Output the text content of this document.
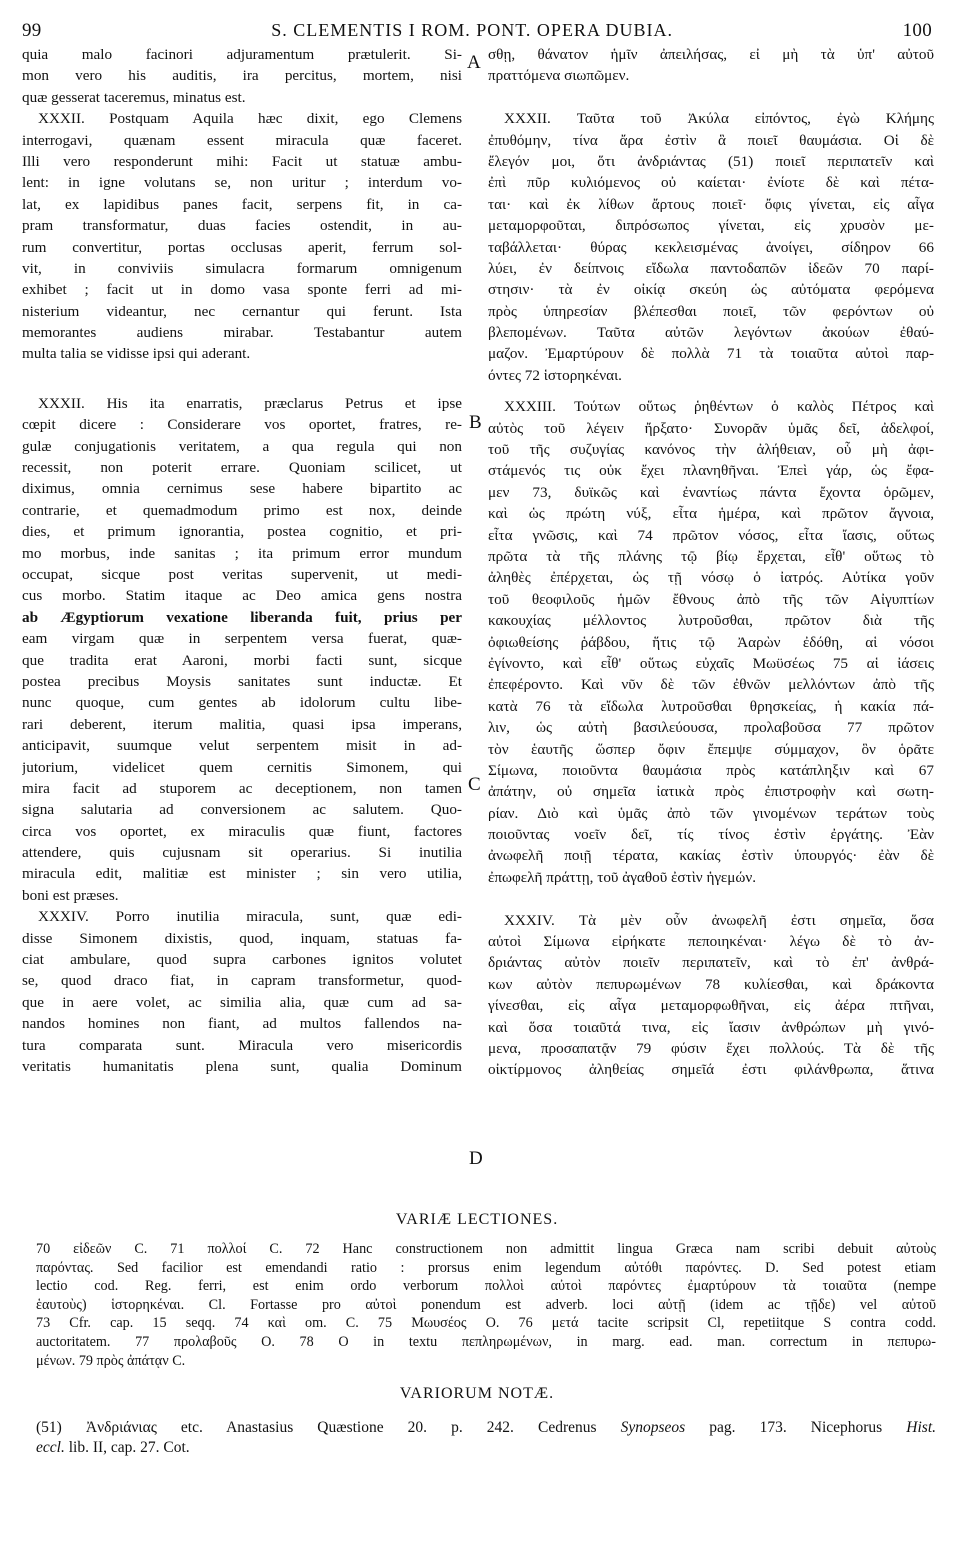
99	S. CLEMENTIS I ROM. PONT. OPERA DUBIA.	100
A
B
C
D
quia malo facinori adjuramentum prætulerit. Si-
mon vero his auditis, ira percitus, mortem, nisi
quæ gesserat taceremus, minatus est.
XXXII. Postquam Aquila hæc dixit, ego Clemens
interrogavi, quænam essent miracula quæ faceret.
Illi vero responderunt mihi: Facit ut statuæ ambu-
lent: in igne volutans se, non uritur ; interdum vo-
lat, ex lapidibus panes facit, serpens fit, in ca-
pram transformatur, duas facies ostendit, in au-
rum convertitur, portas occlusas aperit, ferrum sol-
vit, in conviviis simulacra formarum omnigenum
exhibet ; facit ut in domo vasa sponte ferri ad mi-
nisterium videantur, nec cernantur qui ferunt. Ista
memorantes audiens mirabar. Testabantur autem
multa talia se vidisse ipsi qui aderant.
XXXII. His ita enarratis, præclarus Petrus et ipse
cœpit dicere : Considerare vos oportet, fratres, re-
gulæ conjugationis veritatem, a qua regula qui non
recessit, non poterit errare. Quoniam scilicet, ut
diximus, omnia cernimus sese habere bipartito ac
contrarie, et quemadmodum primo est nox, deinde
dies, et primum ignorantia, postea cognitio, et pri-
mo morbus, inde sanitas ; ita primum error mundum
occupat, sicque post veritas supervenit, ut medi-
cus morbo. Statim itaque ac Deo amica gens nostra
ab Ægyptiorum vexatione liberanda fuit, prius per
eam virgam quæ in serpentem versa fuerat, quæ-
que tradita erat Aaroni, morbi facti sunt, sicque
postea precibus Moysis sanitates sunt inductæ. Et
nunc quoque, cum gentes ab idolorum cultu libe-
rari deberent, iterum malitia, quasi ipsa imperans,
anticipavit, suumque velut serpentem misit in ad-
jutorium, videlicet quem cernitis Simonem, qui
mira facit ad stuporem ac deceptionem, non tamen
signa salutaria ad conversionem ac salutem. Quo-
circa vos oportet, ex miraculis quæ fiunt, factores
attendere, quis cujusnam sit operarius. Si inutilia
miracula edit, malitiæ est minister ; sin vero utilia,
boni est præses.
XXXIV. Porro inutilia miracula, sunt, quæ edi-
disse Simonem dixistis, quod, inquam, statuas fa-
ciat ambulare, quod supra carbones ignitos volutet
se, quod draco fiat, in capram transformetur, quod-
que in aere volet, ac similia alia, quæ cum ad sa-
nandos homines non fiant, ad multos fallendos na-
tura comparata sunt. Miracula vero misericordis
veritatis humanitatis plena sunt, qualia Dominum
σθῃ, θάνατον ἡμῖν ἀπειλήσας, εἰ μὴ τὰ ὑπ' αὐτοῦ
πραττόμενα σιωπῶμεν.
XXXII. Ταῦτα τοῦ Ἀκύλα εἰπόντος, ἐγὼ Κλήμης
ἐπυθόμην, τίνα ἄρα ἐστὶν ἃ ποιεῖ θαυμάσια. Οἱ δὲ
ἔλεγόν μοι, ὅτι ἀνδριάντας (51) ποιεῖ περιπατεῖν καὶ
ἐπὶ πῦρ κυλιόμενος οὐ καίεται· ἐνίοτε δὲ καὶ πέτα-
ται· καὶ ἐκ λίθων ἄρτους ποιεῖ· ὄφις γίνεται, εἰς αἶγα
μεταμορφοῦται, διπρόσωπος γίνεται, εἰς χρυσὸν με-
ταβάλλεται· θύρας κεκλεισμένας ἀνοίγει, σίδηρον 66
λύει, ἐν δείπνοις εἴδωλα παντοδαπῶν ἰδεῶν 70 παρί-
στησιν· τὰ ἐν οἰκίᾳ σκεύη ὡς αὐτόματα φερόμενα
πρὸς ὑπηρεσίαν βλέπεσθαι ποιεῖ, τῶν φερόντων οὐ
βλεπομένων. Ταῦτα αὐτῶν λεγόντων ἀκούων ἐθαύ-
μαζον. Ἐμαρτύρουν δὲ πολλὰ 71 τὰ τοιαῦτα αὐτοὶ παρ-
όντες 72 ἱστορηκέναι.
XXXIII. Τούτων οὕτως ῥηθέντων ὁ καλὸς Πέτρος καὶ
αὐτὸς τοῦ λέγειν ἤρξατο· Συνορᾶν ὑμᾶς δεῖ, ἀδελφοί,
τοῦ τῆς συζυγίας κανόνος τὴν ἀλήθειαν, οὗ μὴ ἀφι-
στάμενός τις οὐκ ἔχει πλανηθῆναι. Ἐπεὶ γάρ, ὡς ἔφα-
μεν 73, δυϊκῶς καὶ ἐναντίως πάντα ἔχοντα ὁρῶμεν,
καὶ ὡς πρώτη νύξ, εἶτα ἡμέρα, καὶ πρῶτον ἄγνοια,
εἶτα γνῶσις, καὶ 74 πρῶτον νόσος, εἶτα ἴασις, οὕτως
πρῶτα τὰ τῆς πλάνης τῷ βίῳ ἔρχεται, εἶθ' οὕτως τὸ
ἀληθὲς ἐπέρχεται, ὡς τῇ νόσῳ ὁ ἰατρός. Αὐτίκα γοῦν
τοῦ θεοφιλοῦς ἡμῶν ἔθνους ἀπὸ τῆς τῶν Αἰγυπτίων
κακουχίας μέλλοντος λυτροῦσθαι, πρῶτον διὰ τῆς
ὀφιωθείσης ῥάβδου, ἥτις τῷ Ἀαρὼν ἐδόθη, αἱ νόσοι
ἐγίνοντο, καὶ εἶθ' οὕτως εὐχαῖς Μωϋσέως 75 αἱ ἰάσεις
ἐπεφέροντο. Καὶ νῦν δὲ τῶν ἐθνῶν μελλόντων ἀπὸ τῆς
κατὰ 76 τὰ εἴδωλα λυτροῦσθαι θρησκείας, ἡ κακία πά-
λιν, ὡς αὐτὴ βασιλεύουσα, προλαβοῦσα 77 πρῶτον
τὸν ἑαυτῆς ὥσπερ ὄφιν ἔπεμψε σύμμαχον, ὃν ὁρᾶτε
Σίμωνα, ποιοῦντα θαυμάσια πρὸς κατάπληξιν καὶ 67
ἀπάτην, οὐ σημεῖα ἰατικὰ πρὸς ἐπιστροφὴν καὶ σωτη-
ρίαν. Διὸ καὶ ὑμᾶς ἀπὸ τῶν γινομένων τεράτων τοὺς
ποιοῦντας νοεῖν δεῖ, τίς τίνος ἐστὶν ἐργάτης. Ἐὰν
ἀνωφελῆ ποιῇ τέρατα, κακίας ἐστὶν ὑπουργός· ἐὰν δὲ
ἐπωφελῆ πράττῃ, τοῦ ἀγαθοῦ ἐστὶν ἡγεμών.
XXXIV. Τὰ μὲν οὖν ἀνωφελῆ ἐστι σημεῖα, ὅσα
αὐτοὶ Σίμωνα εἰρήκατε πεποιηκέναι· λέγω δὲ τὸ ἀν-
δριάντας αὐτὸν ποιεῖν περιπατεῖν, καὶ τὸ ἐπ' ἀνθρά-
κων αὐτὸν πεπυρωμένων 78 κυλίεσθαι, καὶ δράκοντα
γίνεσθαι, εἰς αἶγα μεταμορφωθῆναι, εἰς ἀέρα πτῆναι,
καὶ ὅσα τοιαῦτά τινα, εἰς ἴασιν ἀνθρώπων μὴ γινό-
μενα, προσαπατᾷν 79 φύσιν ἔχει πολλούς. Τὰ δὲ τῆς
οἰκτίρμονος ἀληθείας σημεῖά ἐστι φιλάνθρωπα, ἅτινα
VARIÆ LECTIONES.
70 εἰδεῶν C. 71 πολλοί C. 72 Hanc constructionem non admittit lingua Græca nam scribi debuit αὐτοὺς
παρόντας. Sed facilior est emendandi ratio : prorsus enim legendum αὐτόθι παρόντες. D. Sed potest etiam
lectio cod. Reg. ferri, est enim ordo verborum πολλοὶ αὐτοὶ παρόντες ἐμαρτύρουν τὰ τοιαῦτα (nempe
ἑαυτοὺς) ἱστορηκέναι. Cl. Fortasse pro αὐτοὶ ponendum est adverb. loci αὐτῇ (idem ac τῇδε) vel αὐτοῦ
73 Cfr. cap. 15 seqq. 74 καὶ om. C. 75 Μωυσέος O. 76 μετά tacite scripsit Cl, repetiitque S contra codd.
auctoritatem. 77 προλαβοῦς O. 78 O in textu πεπληρωμένων, in marg. ead. man. correctum in πεπυρω-
μένων. 79 πρὸς ἀπάτᾳν C.
VARIORUM NOTÆ.
(51) Ἀνδριάνιας etc. Anastasius Quæstione 20. p. 242. Cedrenus Synopseos pag. 173. Nicephorus Hist.
eccl. lib. II, cap. 27. Cot.
